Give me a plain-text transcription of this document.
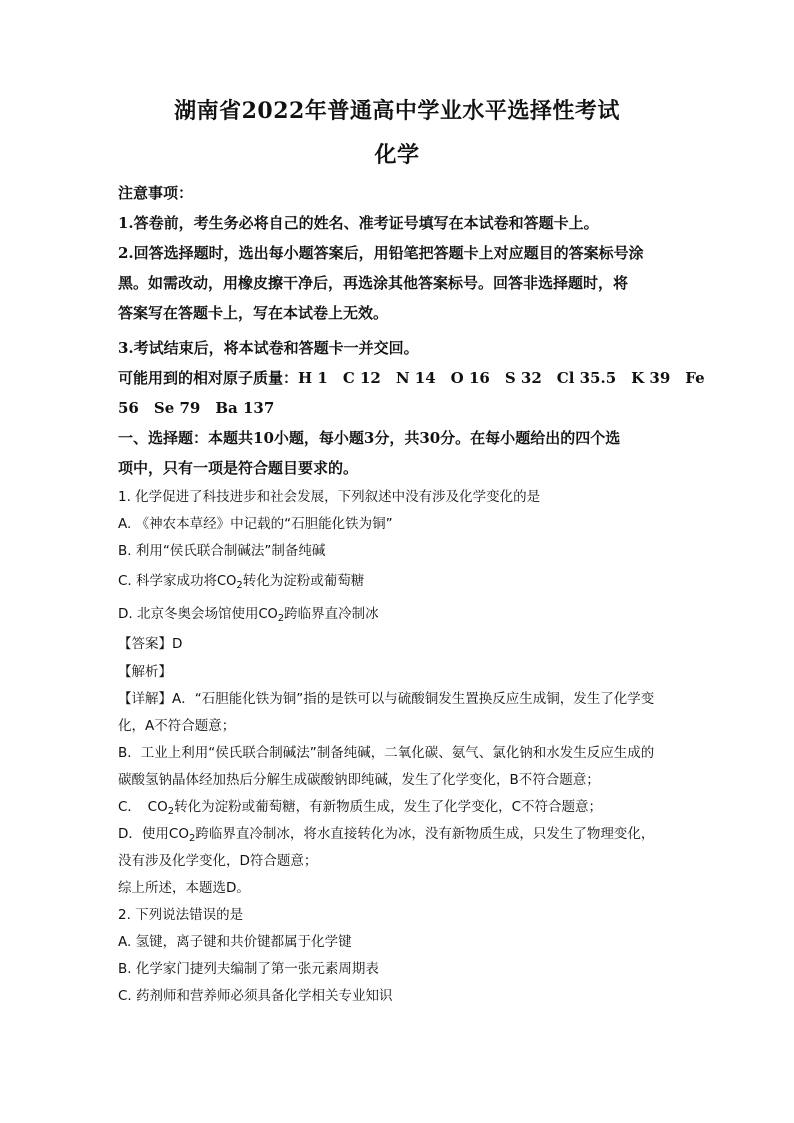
湖南省2022年普通高中学业水平选择性考试
化学
注意事项：
1.答卷前，考生务必将自己的姓名、准考证号填写在本试卷和答题卡上。
2.回答选择题时，选出每小题答案后，用铅笔把答题卡上对应题目的答案标号涂
黑。如需改动，用橡皮擦干净后，再选涂其他答案标号。回答非选择题时，将
答案写在答题卡上，写在本试卷上无效。
3.考试结束后，将本试卷和答题卡一并交回。
可能用到的相对原子质量：H 1　C 12　N 14　O 16　S 32　Cl 35.5　K 39　Fe
56　Se 79　Ba 137
一、选择题：本题共10小题，每小题3分，共30分。在每小题给出的四个选
项中，只有一项是符合题目要求的。
1. 化学促进了科技进步和社会发展，下列叙述中没有涉及化学变化的是
A. 《神农本草经》中记载的“石胆能化铁为铜”
B. 利用“侯氏联合制碱法”制备纯碱
C. 科学家成功将$CO_2$转化为淀粉或葡萄糖
D. 北京冬奥会场馆使用$CO_2$跨临界直冷制冰
【答案】D
【解析】
【详解】A．“石胆能化铁为铜”指的是铁可以与硫酸铜发生置换反应生成铜，发生了化学变
化，A不符合题意；
B．工业上利用“侯氏联合制碱法”制备纯碱，二氧化碳、氨气、氯化钠和水发生反应生成的
碳酸氢钠晶体经加热后分解生成碳酸钠即纯碱，发生了化学变化，B不符合题意；
C．　$CO_2$转化为淀粉或葡萄糖，有新物质生成，发生了化学变化，C不符合题意；
D．使用$CO_2$跨临界直冷制冰，将水直接转化为冰，没有新物质生成，只发生了物理变化，
没有涉及化学变化，D符合题意；
综上所述，本题选D。
2. 下列说法错误的是
A. 氢键，离子键和共价键都属于化学键
B. 化学家门捷列夫编制了第一张元素周期表
C. 药剂师和营养师必须具备化学相关专业知识
